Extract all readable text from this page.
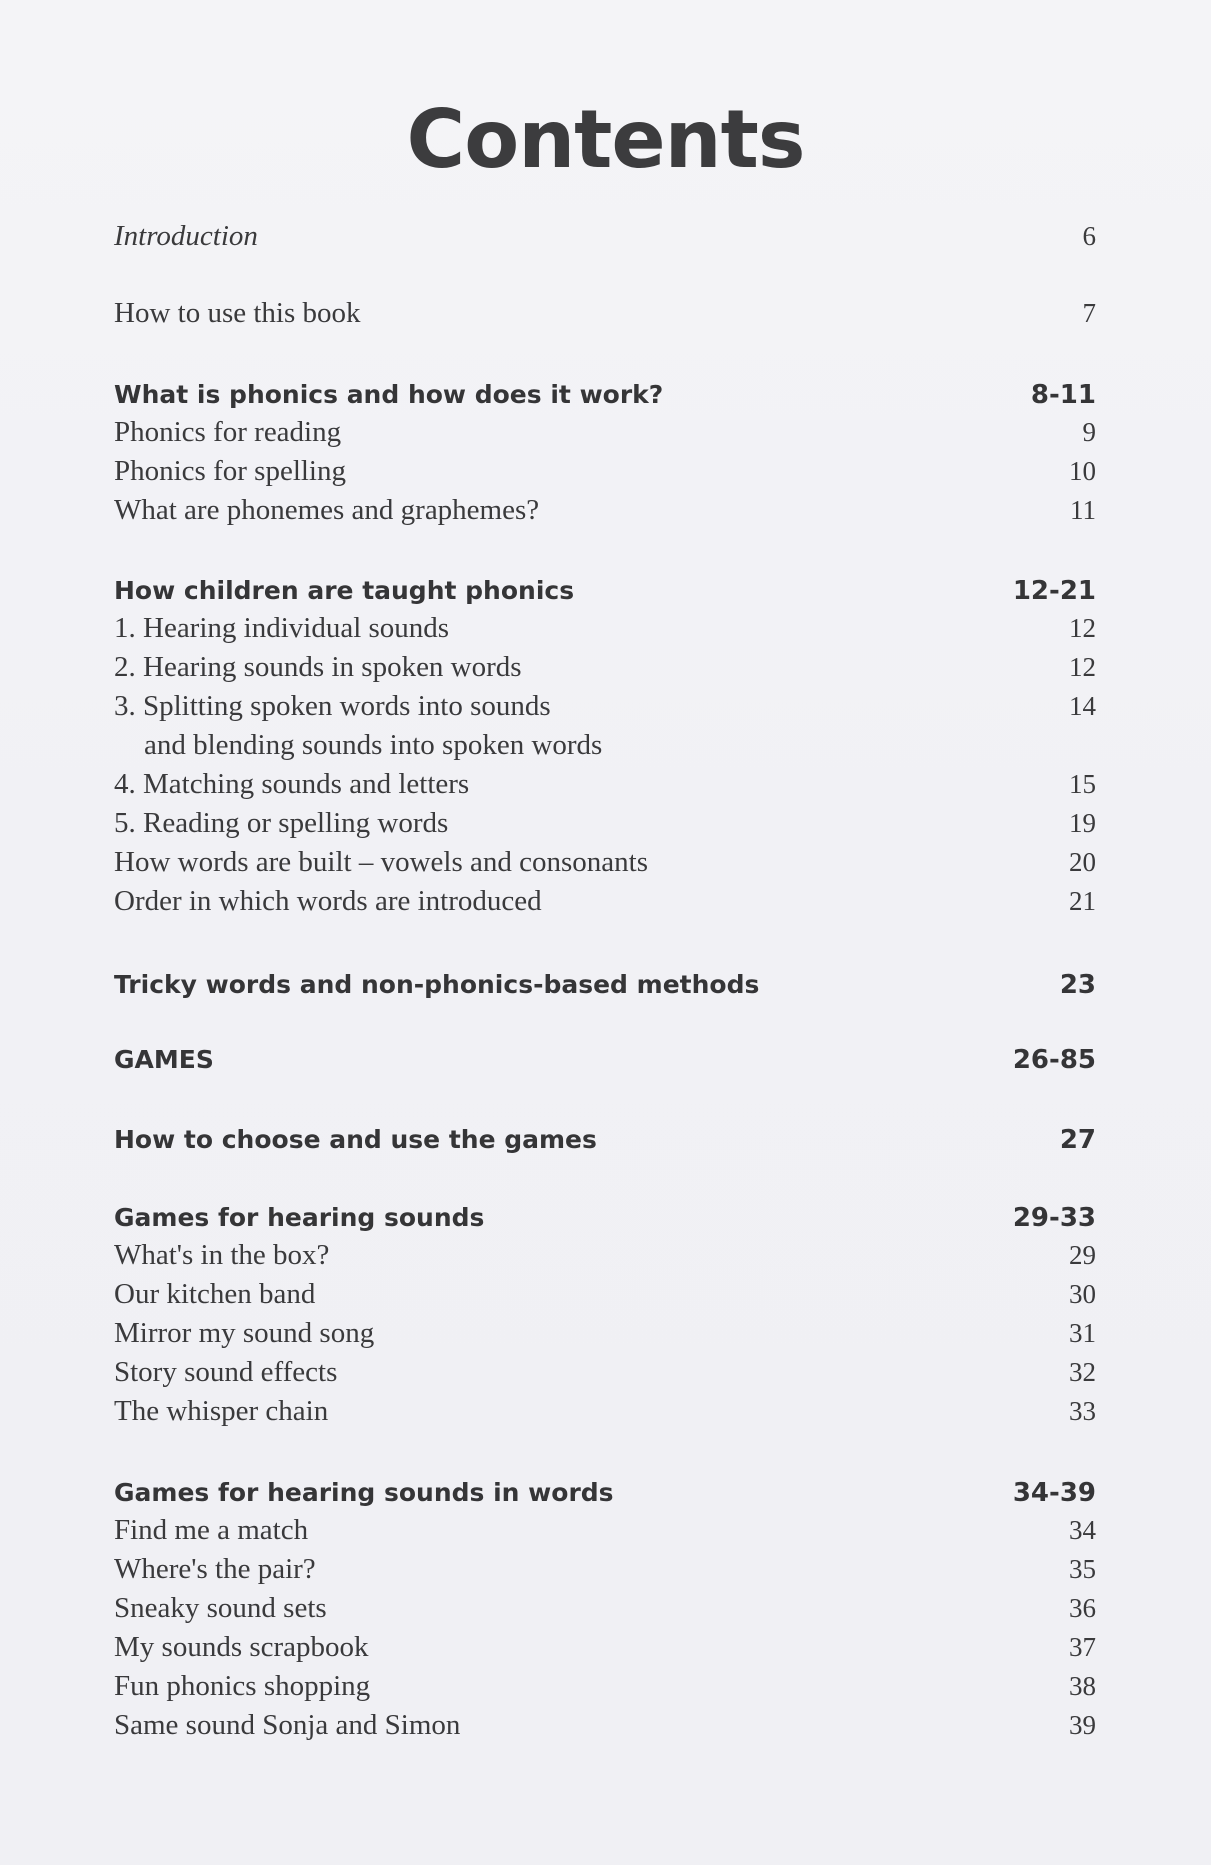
Contents
Introduction	6
How to use this book	7
What is phonics and how does it work?	8-11
Phonics for reading	9
Phonics for spelling	10
What are phonemes and graphemes?	11
How children are taught phonics	12-21
1. Hearing individual sounds	12
2. Hearing sounds in spoken words	12
3. Splitting spoken words into sounds	14
and blending sounds into spoken words
4. Matching sounds and letters	15
5. Reading or spelling words	19
How words are built – vowels and consonants	20
Order in which words are introduced	21
Tricky words and non-phonics-based methods	23
GAMES	26-85
How to choose and use the games	27
Games for hearing sounds	29-33
What's in the box?	29
Our kitchen band	30
Mirror my sound song	31
Story sound effects	32
The whisper chain	33
Games for hearing sounds in words	34-39
Find me a match	34
Where's the pair?	35
Sneaky sound sets	36
My sounds scrapbook	37
Fun phonics shopping	38
Same sound Sonja and Simon	39
